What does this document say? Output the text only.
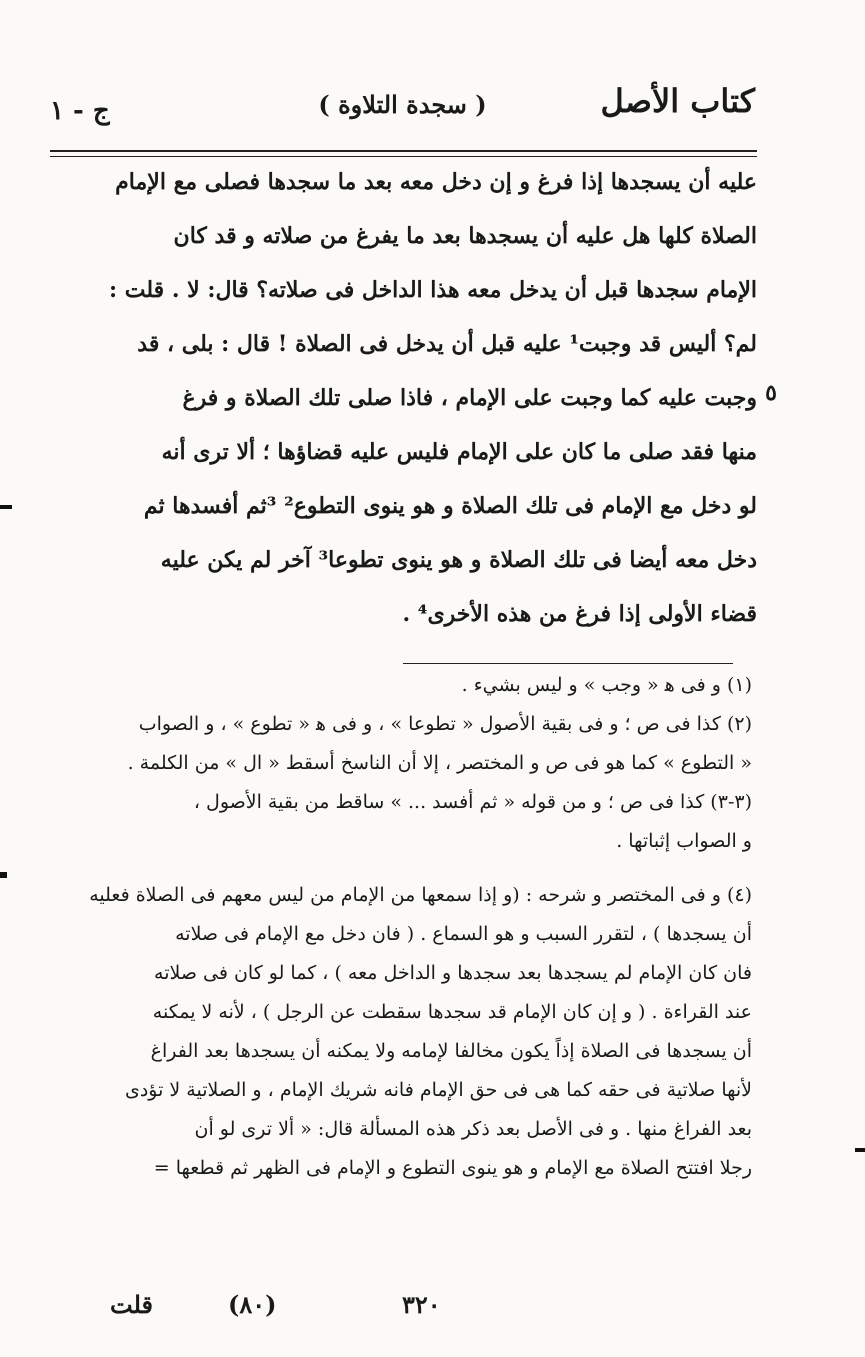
كتاب الأصل
( سجدة التلاوة )
ج - ١

عليه أن يسجدها إذا فرغ و إن دخل معه بعد ما سجدها فصلى مع الإمام

الصلاة كلها هل عليه أن يسجدها بعد ما يفرغ من صلاته و قد كان

الإمام سجدها قبل أن يدخل معه هذا الداخل فى صلاته؟ قال: لا . قلت :

لم؟ أليس قد وجبت¹ عليه قبل أن يدخل فى الصلاة ! قال : بلى ، قد

وجبت عليه كما وجبت على الإمام ، فاذا صلى تلك الصلاة و فرغ

منها فقد صلى ما كان على الإمام فليس عليه قضاؤها ؛ ألا ترى أنه

لو دخل مع الإمام فى تلك الصلاة و هو ينوى التطوع² ³ثم أفسدها ثم

دخل معه أيضا فى تلك الصلاة و هو ينوى تطوعا³ آخر لم يكن عليه

قضاء الأولى إذا فرغ من هذه الأخرى⁴ .

٥

(١) و فى ﻫ « وجب » و ليس بشيء .

(٢) كذا فى ص ؛ و فى بقية الأصول « تطوعا » ، و فى ﻫ « تطوع » ، و الصواب

« التطوع » كما هو فى ص و المختصر ، إلا أن الناسخ أسقط « ال » من الكلمة .

(٣-٣) كذا فى ص ؛ و من قوله « ثم أفسد ... » ساقط من بقية الأصول ،

و الصواب إثباتها .

(٤) و فى المختصر و شرحه : (و إذا سمعها من الإمام من ليس معهم فى الصلاة فعليه

أن يسجدها ) ، لتقرر السبب و هو السماع . ( فان دخل مع الإمام فى صلاته

فان كان الإمام لم يسجدها بعد سجدها و الداخل معه ) ، كما لو كان فى صلاته

عند القراءة . ( و إن كان الإمام قد سجدها سقطت عن الرجل ) ، لأنه لا يمكنه

أن يسجدها فى الصلاة إذاً يكون مخالفا لإمامه ولا يمكنه أن يسجدها بعد الفراغ

لأنها صلاتية فى حقه كما هى فى حق الإمام فانه شريك الإمام ، و الصلاتية لا تؤدى

بعد الفراغ منها . و فى الأصل بعد ذكر هذه المسألة قال: « ألا ترى لو أن

رجلا افتتح الصلاة مع الإمام و هو ينوى التطوع و الإمام فى الظهر ثم قطعها =

قلت	(٨٠)	٣٢٠
